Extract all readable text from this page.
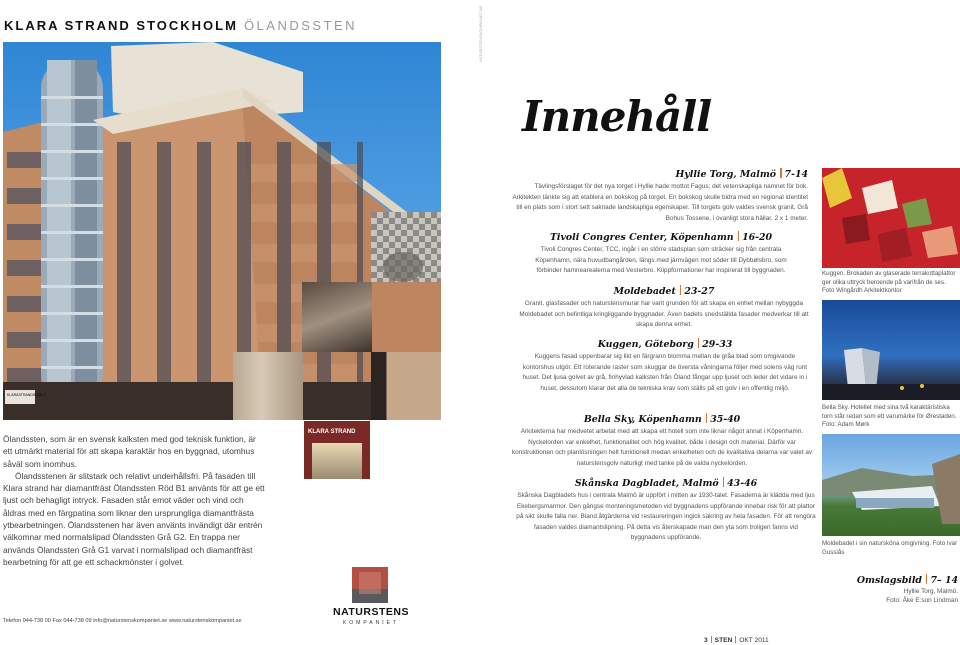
KLARA STRAND STOCKHOLM ÖLANDSSTEN	NATURSTENSKOMPANIET AB
KLARASTRANDSLED. 1
KLARA STRAND

Ölandssten, som är en svensk kalksten med god teknisk funktion, är ett utmärkt material för att skapa karaktär hos en byggnad, utomhus såväl som inomhus.

Ölandsstenen är slitstark och relativt underhållsfri. På fasaden till Klara strand har diamantfräst Ölandssten Röd B1 använts för att ge ett ljust och behagligt intryck. Fasaden står emot väder och vind och åldras med en färgpatina som liknar den ursprungliga diamantfrästa ytbearbetningen. Ölandsstenen har även använts invändigt där entrén välkomnar med normalslipad Ölandssten Grå G2. En trappa ner används Ölandssten Grå G1 varvat i normalslipad och diamantfräst bearbetning för att ge ett schackmönster i golvet.

Telefon 044-738 00 Fax 044-738 09 info@naturstenskompaniet.se www.naturstenskompaniet.se
NATURSTENS
KOMPANIET
Innehåll
Hyllie Torg, Malmö 7-14
Tävlingsförslaget för det nya torget i Hyllie hade mottot Fagus; det vetenskapliga namnet för bok. Arkitekten tänkte sig att etablera en bokskog på torget. En bokskog skulle bidra med en regional identitet till en plats som i stort sett saknade landskapliga egenskaper. Till torgets golv valdes svensk granit, Grå Bohus Tossene, i ovanligt stora hällar, 2 x 1 meter.
Tivoli Congres Center, Köpenhamn 16-20
Tivoli Congres Center, TCC, ingår i en större stadsplan som sträcker sig från centrala Köpenhamn, nära huvudbangården, längs med järnvägen mot söder till Dybbølsbro, som förbinder hamnearealerna med Vesterbro. Klippformationer har inspirerat till byggnaden.
Moldebadet 23-27
Granit, glasfasader och naturstensmurar har varit grunden för att skapa en enhet mellan nybyggda Moldebadet och befintliga kringliggande byggnader. Även badets snedställda fasader medverkar till att skapa denna enhet.
Kuggen, Göteborg 29-33
Kuggens fasad uppenbarar sig likt en färgrann blomma mellan de gråa blad som omgivande kontorshus utgör. Ett roterande raster som skuggar de översta våningarna följer med solens väg runt huset. Det ljusa golvet av grå, finhyvlad kalksten från Öland fångar upp ljuset och leder det vidare in i huset, dessutom klarar det alla de tekniska krav som ställs på ett golv i en offentlig miljö.
Bella Sky, Köpenhamn 35-40
Arkitekterna har medvetet arbetat med att skapa ett hotell som inte liknar något annat i Köpenhamn. Nyckelorden var enkelhet, funktionalitet och hög kvalitet, både i design och material. Därför var konstruktionen och planlösningen helt funktionell medan enkelheten och de kvalitativa delarna var valet av naturstensgolv naturligt med tanke på de valda nyckelorden.
Skånska Dagbladet, Malmö 43-46
Skånska Dagbladets hus i centrala Malmö är uppfört i mitten av 1930-talet. Fasaderna är klädda med ljus Ekebergsmarmor. Den gängse monteringsmetoden vid byggnadens uppförande innebar risk för att plattor på sikt skulle falla ner. Bland åtgärderna vid restaureringen ingick säkring av hela fasaden. För att rengöra fasaden valdes diamantslipning. På detta vis återskapade man den yta som troligen fanns vid byggnadens uppförande.
Kuggen. Brokaden av glaserade terrakottaplattor ger olika uttryck beroende på varifrån de ses. Foto Wingårdh Arkitektkontor
Bella Sky. Hotellet med sina två karaktäristiska torn står redan som ett varumärke för Ørestaden. Foto: Adam Mørk
Moldebadet i sin natursköna omgivning. Foto Ivar Gussiås
Omslagsbild 7– 14
Hyllie Torg, Malmö.
Foto: Åke E:son Lindman
3 STEN OKT 2011
